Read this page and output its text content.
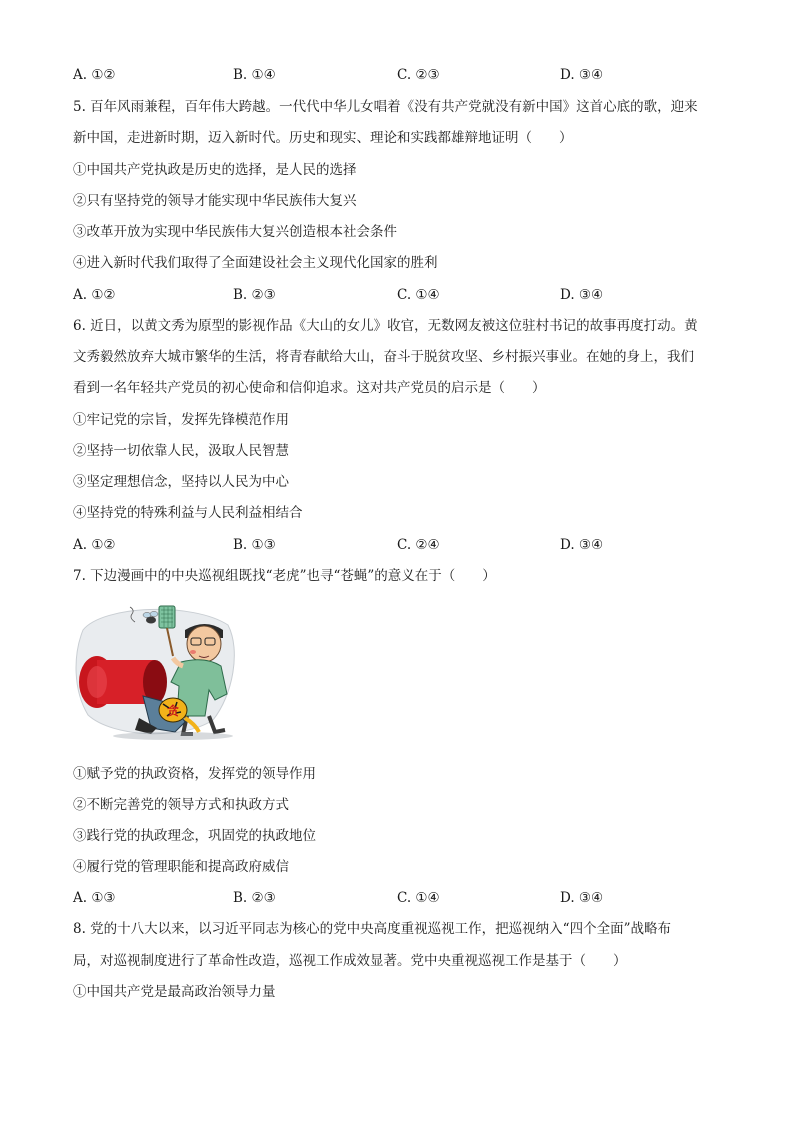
A. ①②	B. ①④	C. ②③	D. ③④
5. 百年风雨兼程，百年伟大跨越。一代代中华儿女唱着《没有共产党就没有新中国》这首心底的歌，迎来
新中国，走进新时期，迈入新时代。历史和现实、理论和实践都雄辩地证明（　　）
①中国共产党执政是历史的选择，是人民的选择
②只有坚持党的领导才能实现中华民族伟大复兴
③改革开放为实现中华民族伟大复兴创造根本社会条件
④进入新时代我们取得了全面建设社会主义现代化国家的胜利
A. ①②	B. ②③	C. ①④	D. ③④
6. 近日，以黄文秀为原型的影视作品《大山的女儿》收官，无数网友被这位驻村书记的故事再度打动。黄
文秀毅然放弃大城市繁华的生活，将青春献给大山，奋斗于脱贫攻坚、乡村振兴事业。在她的身上，我们
看到一名年轻共产党员的初心使命和信仰追求。这对共产党员的启示是（　　）
①牢记党的宗旨，发挥先锋模范作用
②坚持一切依靠人民，汲取人民智慧
③坚定理想信念，坚持以人民为中心
④坚持党的特殊利益与人民利益相结合
A. ①②	B. ①③	C. ②④	D. ③④
7. 下边漫画中的中央巡视组既找“老虎”也寻“苍蝇”的意义在于（　　）
贪
①赋予党的执政资格，发挥党的领导作用
②不断完善党的领导方式和执政方式
③践行党的执政理念，巩固党的执政地位
④履行党的管理职能和提高政府威信
A. ①③	B. ②③	C. ①④	D. ③④
8. 党的十八大以来，以习近平同志为核心的党中央高度重视巡视工作，把巡视纳入“四个全面”战略布
局，对巡视制度进行了革命性改造，巡视工作成效显著。党中央重视巡视工作是基于（　　）
①中国共产党是最高政治领导力量
